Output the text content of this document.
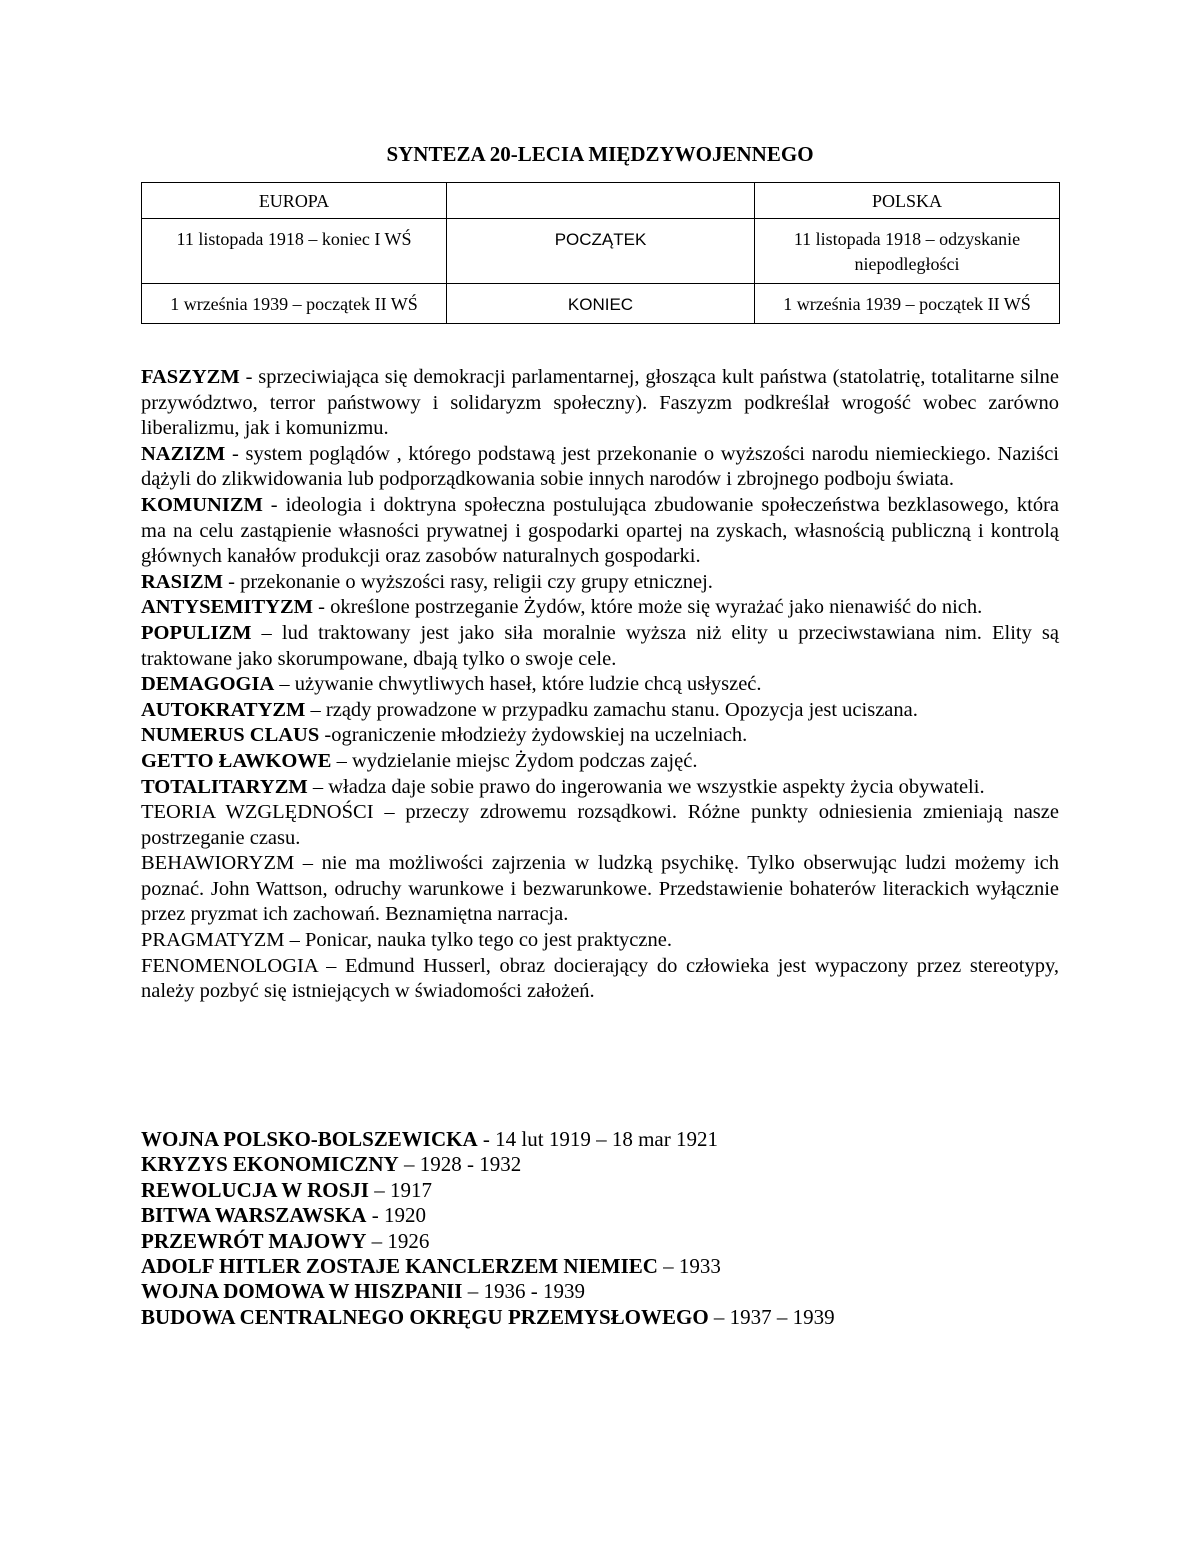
SYNTEZA 20-LECIA MIĘDZYWOJENNEGO
EUROPA		POLSKA
11 listopada 1918 – koniec I WŚ	POCZĄTEK	11 listopada 1918 – odzyskanie niepodległości
1 września 1939 – początek II WŚ	KONIEC	1 września 1939 – początek II WŚ

FASZYZM - sprzeciwiająca się demokracji parlamentarnej, głosząca kult państwa (statolatrię, totalitarne silne przywództwo, terror państwowy i solidaryzm społeczny). Faszyzm podkreślał wrogość wobec zarówno liberalizmu, jak i komunizmu.

NAZIZM - system poglądów , którego podstawą jest przekonanie o wyższości narodu niemieckiego. Naziści dążyli do zlikwidowania lub podporządkowania sobie innych narodów i zbrojnego podboju świata.

KOMUNIZM - ideologia i doktryna społeczna postulująca zbudowanie społeczeństwa bezklasowego, która ma na celu zastąpienie własności prywatnej i gospodarki opartej na zyskach, własnością publiczną i kontrolą głównych kanałów produkcji oraz zasobów naturalnych gospodarki.

RASIZM - przekonanie o wyższości rasy, religii czy grupy etnicznej.

ANTYSEMITYZM - określone postrzeganie Żydów, które może się wyrażać jako nienawiść do nich.

POPULIZM – lud traktowany jest jako siła moralnie wyższa niż elity u przeciwstawiana nim. Elity są traktowane jako skorumpowane, dbają tylko o swoje cele.

DEMAGOGIA – używanie chwytliwych haseł, które ludzie chcą usłyszeć.

AUTOKRATYZM – rządy prowadzone w przypadku zamachu stanu. Opozycja jest uciszana.

NUMERUS CLAUS -ograniczenie młodzieży żydowskiej na uczelniach.

GETTO ŁAWKOWE – wydzielanie miejsc Żydom podczas zajęć.

TOTALITARYZM – władza daje sobie prawo do ingerowania we wszystkie aspekty życia obywateli.

TEORIA WZGLĘDNOŚCI – przeczy zdrowemu rozsądkowi. Różne punkty odniesienia zmieniają nasze postrzeganie czasu.

BEHAWIORYZM – nie ma możliwości zajrzenia w ludzką psychikę. Tylko obserwując ludzi możemy ich poznać. John Wattson, odruchy warunkowe i bezwarunkowe. Przedstawienie bohaterów literackich wyłącznie przez pryzmat ich zachowań. Beznamiętna narracja.

PRAGMATYZM – Ponicar, nauka tylko tego co jest praktyczne.

FENOMENOLOGIA – Edmund Husserl, obraz docierający do człowieka jest wypaczony przez stereotypy, należy pozbyć się istniejących w świadomości założeń.

WOJNA POLSKO-BOLSZEWICKA - 14 lut 1919 – 18 mar 1921

KRYZYS EKONOMICZNY – 1928 - 1932

REWOLUCJA W ROSJI – 1917

BITWA WARSZAWSKA - 1920

PRZEWRÓT MAJOWY – 1926

ADOLF HITLER ZOSTAJE KANCLERZEM NIEMIEC – 1933

WOJNA DOMOWA W HISZPANII – 1936 - 1939

BUDOWA CENTRALNEGO OKRĘGU PRZEMYSŁOWEGO – 1937 – 1939
